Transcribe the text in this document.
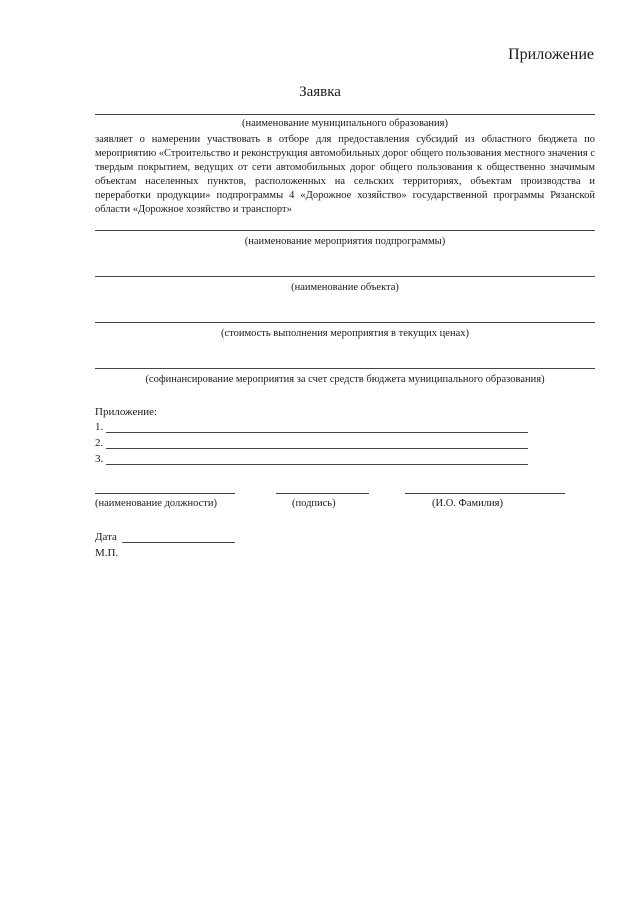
Приложение
Заявка
(наименование муниципального образования)
заявляет о намерении участвовать в отборе для предоставления субсидий из областного бюджета по мероприятию «Строительство и реконструкция автомобильных дорог общего пользования местного значения с твердым покрытием, ведущих от сети автомобильных дорог общего пользования к общественно значимым объектам населенных пунктов, расположенных на сельских территориях, объектам производства и переработки продукции» подпрограммы 4 «Дорожное хозяйство» государственной программы Рязанской области «Дорожное хозяйство и транспорт»
(наименование мероприятия подпрограммы)
(наименование объекта)
(стоимость выполнения мероприятия в текущих ценах)
(софинансирование мероприятия за счет средств бюджета муниципального образования)
Приложение:
1.
2.
3.
(наименование должности)	(подпись)	(И.О. Фамилия)
Дата
М.П.
